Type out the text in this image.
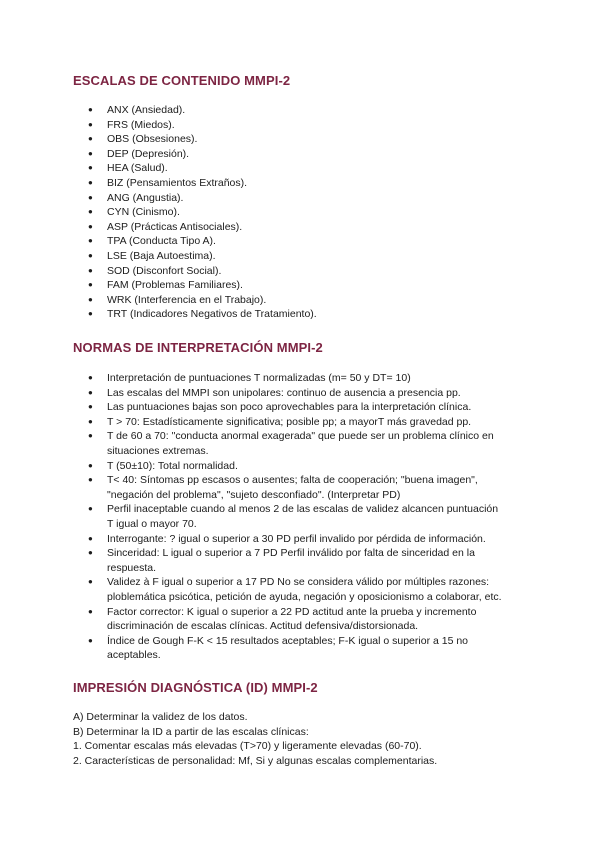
ESCALAS DE CONTENIDO MMPI-2
● ANX (Ansiedad).
● FRS (Miedos).
● OBS (Obsesiones).
● DEP (Depresión).
● HEA (Salud).
● BIZ (Pensamientos Extraños).
● ANG (Angustia).
● CYN (Cinismo).
● ASP (Prácticas Antisociales).
● TPA (Conducta Tipo A).
● LSE (Baja Autoestima).
● SOD (Disconfort Social).
● FAM (Problemas Familiares).
● WRK (Interferencia en el Trabajo).
● TRT (Indicadores Negativos de Tratamiento).
NORMAS DE INTERPRETACIÓN MMPI-2
● Interpretación de puntuaciones T normalizadas (m= 50 y DT= 10)
● Las escalas del MMPI son unipolares: continuo de ausencia a presencia pp.
● Las puntuaciones bajas son poco aprovechables para la interpretación clínica.
● T > 70: Estadísticamente significativa; posible pp; a mayorT más gravedad pp.
● T de 60 a 70: "conducta anormal exagerada" que puede ser un problema clínico en situaciones extremas.
● T (50±10): Total normalidad.
● T< 40: Síntomas pp escasos o ausentes; falta de cooperación; "buena imagen", "negación del problema", "sujeto desconfiado". (Interpretar PD)
● Perfil inaceptable cuando al menos 2 de las escalas de validez alcancen puntuación T igual o mayor 70.
● Interrogante: ? igual o superior a 30 PD perfil invalido por pérdida de información.
● Sinceridad: L igual o superior a 7 PD Perfil inválido por falta de sinceridad en la respuesta.
● Validez à F igual o superior a 17 PD No se considera válido por múltiples razones: ploblemática psicótica, petición de ayuda, negación y oposicionismo a colaborar, etc.
● Factor corrector: K igual o superior a 22 PD actitud ante la prueba y incremento discriminación de escalas clínicas. Actitud defensiva/distorsionada.
● Índice de Gough F-K < 15 resultados aceptables; F-K igual o superior a 15 no aceptables.
IMPRESIÓN DIAGNÓSTICA (ID) MMPI-2

A) Determinar la validez de los datos.

B) Determinar la ID a partir de las escalas clínicas:

1. Comentar escalas más elevadas (T>70) y ligeramente elevadas (60-70).

2. Características de personalidad: Mf, Si y algunas escalas complementarias.
